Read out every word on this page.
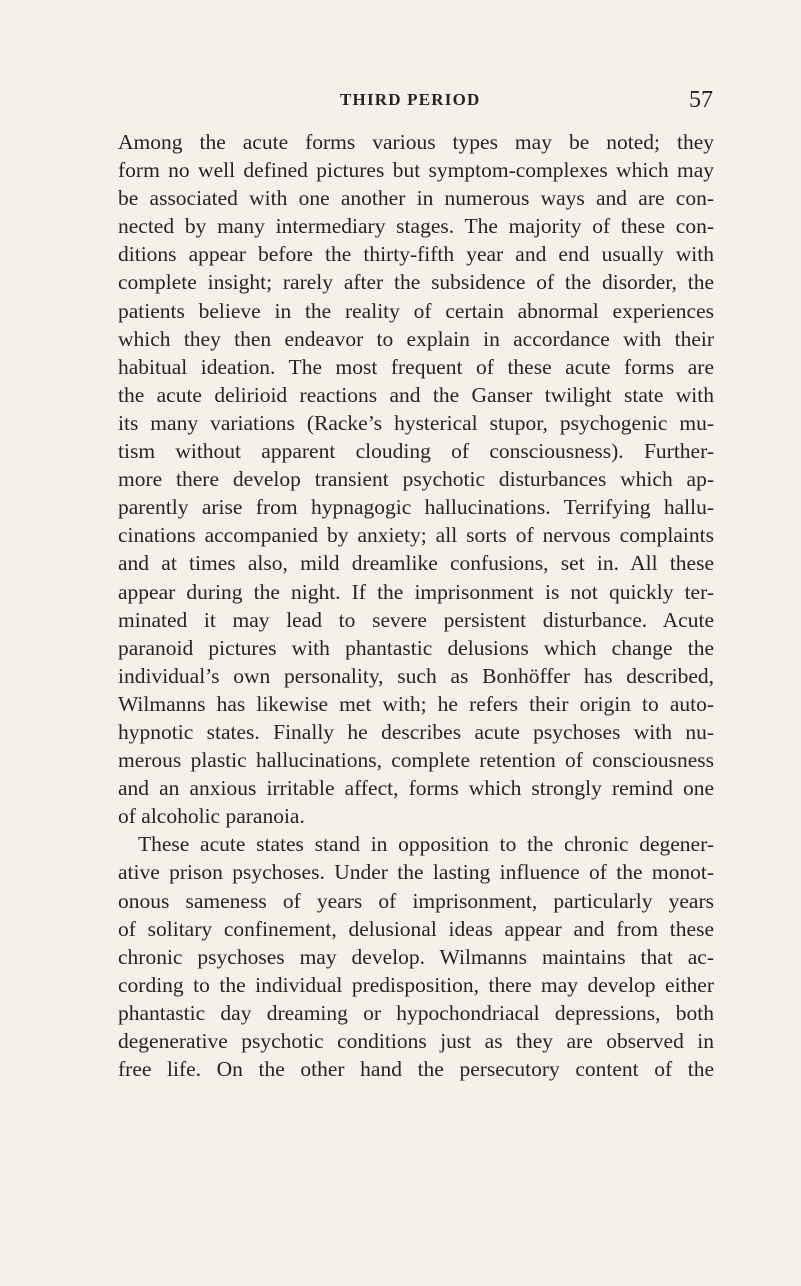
THIRD PERIOD	57

Among the acute forms various types may be noted; they
form no well defined pictures but symptom-complexes which may
be associated with one another in numerous ways and are con-
nected by many intermediary stages. The majority of these con-
ditions appear before the thirty-fifth year and end usually with
complete insight; rarely after the subsidence of the disorder, the
patients believe in the reality of certain abnormal experiences
which they then endeavor to explain in accordance with their
habitual ideation. The most frequent of these acute forms are
the acute delirioid reactions and the Ganser twilight state with
its many variations (Racke’s hysterical stupor, psychogenic mu-
tism without apparent clouding of consciousness). Further-
more there develop transient psychotic disturbances which ap-
parently arise from hypnagogic hallucinations. Terrifying hallu-
cinations accompanied by anxiety; all sorts of nervous complaints
and at times also, mild dreamlike confusions, set in. All these
appear during the night. If the imprisonment is not quickly ter-
minated it may lead to severe persistent disturbance. Acute
paranoid pictures with phantastic delusions which change the
individual’s own personality, such as Bonhöffer has described,
Wilmanns has likewise met with; he refers their origin to auto-
hypnotic states. Finally he describes acute psychoses with nu-
merous plastic hallucinations, complete retention of consciousness
and an anxious irritable affect, forms which strongly remind one
of alcoholic paranoia.

These acute states stand in opposition to the chronic degener-
ative prison psychoses. Under the lasting influence of the monot-
onous sameness of years of imprisonment, particularly years
of solitary confinement, delusional ideas appear and from these
chronic psychoses may develop. Wilmanns maintains that ac-
cording to the individual predisposition, there may develop either
phantastic day dreaming or hypochondriacal depressions, both
degenerative psychotic conditions just as they are observed in
free life. On the other hand the persecutory content of the
